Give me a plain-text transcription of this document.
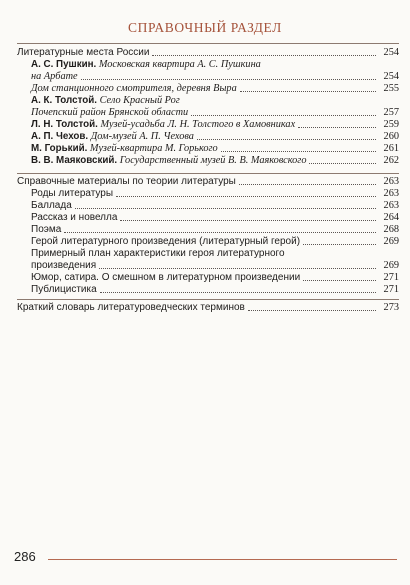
СПРАВОЧНЫЙ РАЗДЕЛ
Литературные места России	254
А. С. Пушкин. Московская квартира А. С. Пушкина
на Арбате	254
Дом станционного смотрителя, деревня Выра	255
А. К. Толстой. Село Красный Рог
Почепский район Брянской области	257
Л. Н. Толстой. Музей-усадьба Л. Н. Толстого в Хамовниках	259
А. П. Чехов. Дом-музей А. П. Чехова	260
М. Горький. Музей-квартира М. Горького	261
В. В. Маяковский. Государственный музей В. В. Маяковского	262
Справочные материалы по теории литературы	263
Роды литературы	263
Баллада	263
Рассказ и новелла	264
Поэма	268
Герой литературного произведения (литературный герой)	269
Примерный план характеристики героя литературного
произведения	269
Юмор, сатира. О смешном в литературном произведении	271
Публицистика	271
Краткий словарь литературоведческих терминов	273
286
